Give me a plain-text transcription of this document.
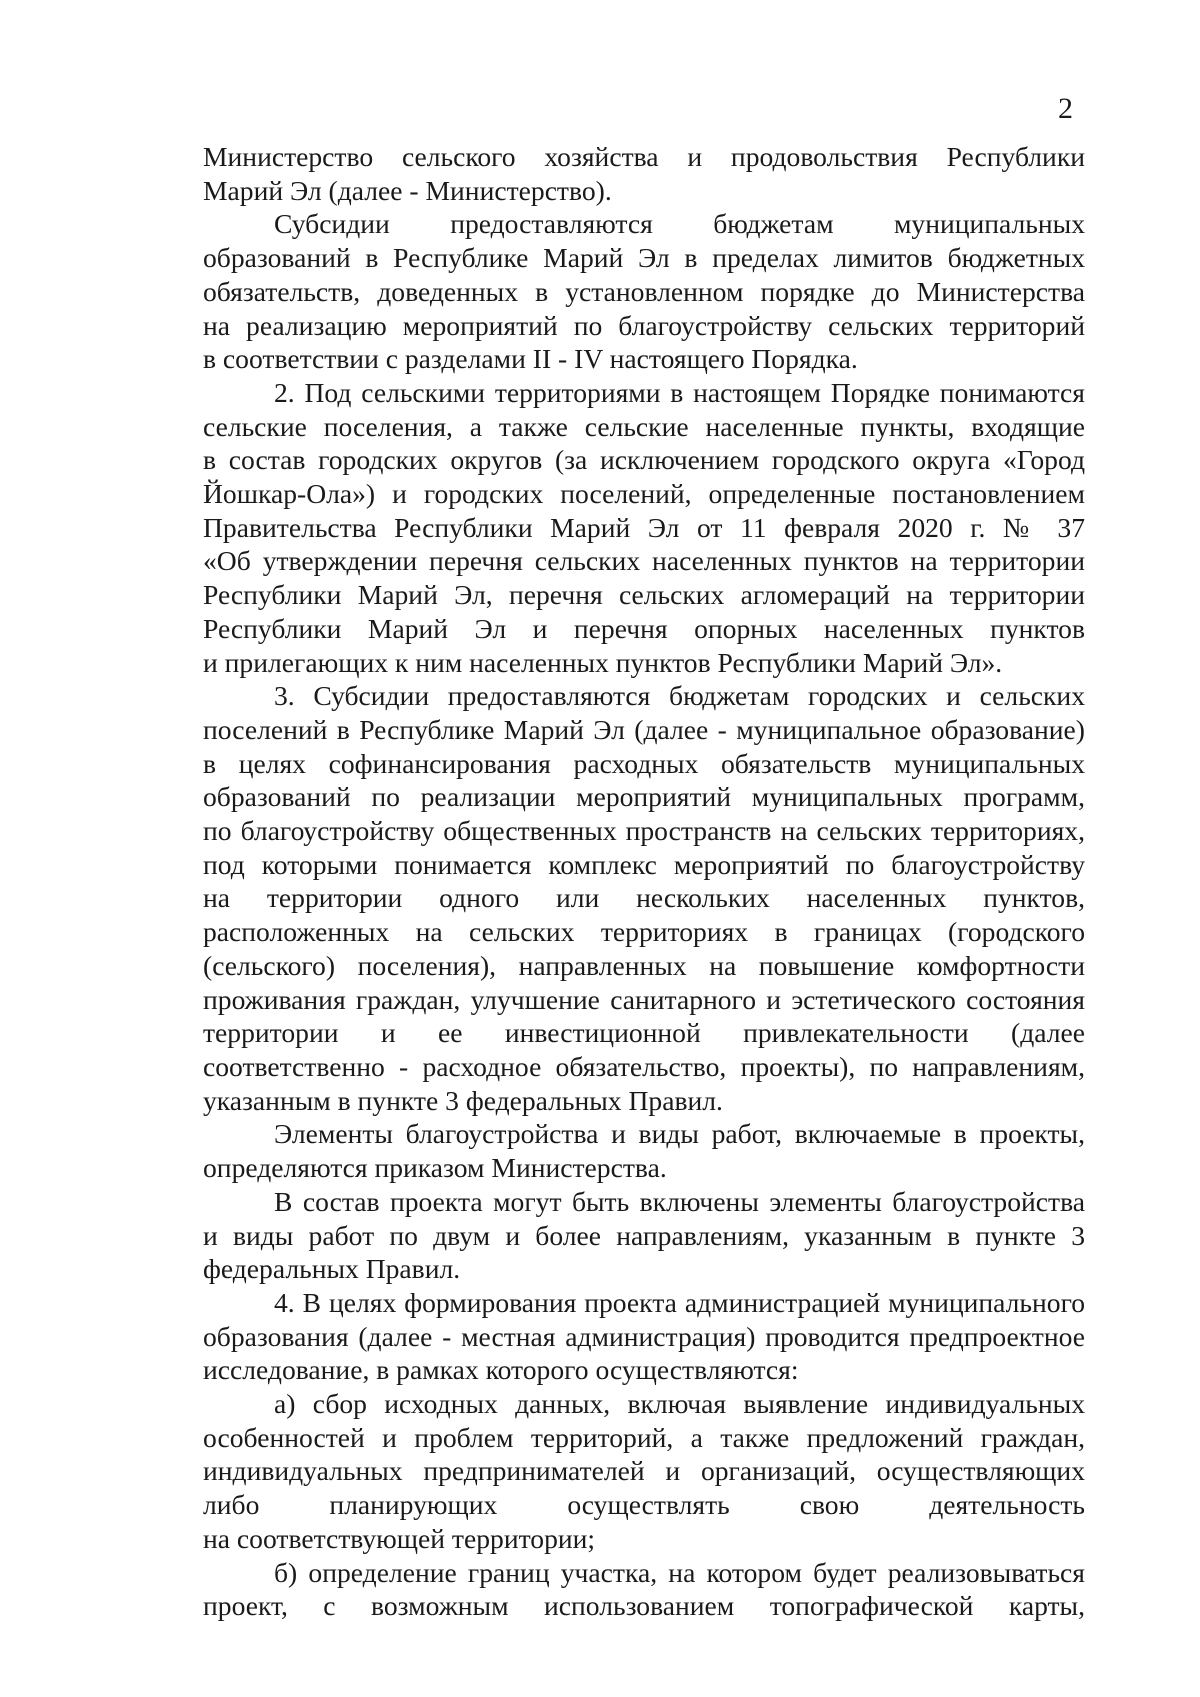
2
Министерство сельского хозяйства и продовольствия Республики
Марий Эл (далее - Министерство).
Субсидии предоставляются бюджетам муниципальных
образований в Республике Марий Эл в пределах лимитов бюджетных
обязательств, доведенных в установленном порядке до Министерства
на реализацию мероприятий по благоустройству сельских территорий
в соответствии с разделами II - IV настоящего Порядка.
2. Под сельскими территориями в настоящем Порядке понимаются
сельские поселения, а также сельские населенные пункты, входящие
в состав городских округов (за исключением городского округа «Город
Йошкар-Ола») и городских поселений, определенные постановлением
Правительства Республики Марий Эл от 11 февраля 2020 г. № 37
«Об утверждении перечня сельских населенных пунктов на территории
Республики Марий Эл, перечня сельских агломераций на территории
Республики Марий Эл и перечня опорных населенных пунктов
и прилегающих к ним населенных пунктов Республики Марий Эл».
3. Субсидии предоставляются бюджетам городских и сельских
поселений в Республике Марий Эл (далее - муниципальное образование)
в целях софинансирования расходных обязательств муниципальных
образований по реализации мероприятий муниципальных программ,
по благоустройству общественных пространств на сельских территориях,
под которыми понимается комплекс мероприятий по благоустройству
на территории одного или нескольких населенных пунктов,
расположенных на сельских территориях в границах (городского
(сельского) поселения), направленных на повышение комфортности
проживания граждан, улучшение санитарного и эстетического состояния
территории и ее инвестиционной привлекательности (далее
соответственно - расходное обязательство, проекты), по направлениям,
указанным в пункте 3 федеральных Правил.
Элементы благоустройства и виды работ, включаемые в проекты,
определяются приказом Министерства.
В состав проекта могут быть включены элементы благоустройства
и виды работ по двум и более направлениям, указанным в пункте 3
федеральных Правил.
4. В целях формирования проекта администрацией муниципального
образования (далее - местная администрация) проводится предпроектное
исследование, в рамках которого осуществляются:
а) сбор исходных данных, включая выявление индивидуальных
особенностей и проблем территорий, а также предложений граждан,
индивидуальных предпринимателей и организаций, осуществляющих
либо планирующих осуществлять свою деятельность
на соответствующей территории;
б) определение границ участка, на котором будет реализовываться
проект, с возможным использованием топографической карты,
